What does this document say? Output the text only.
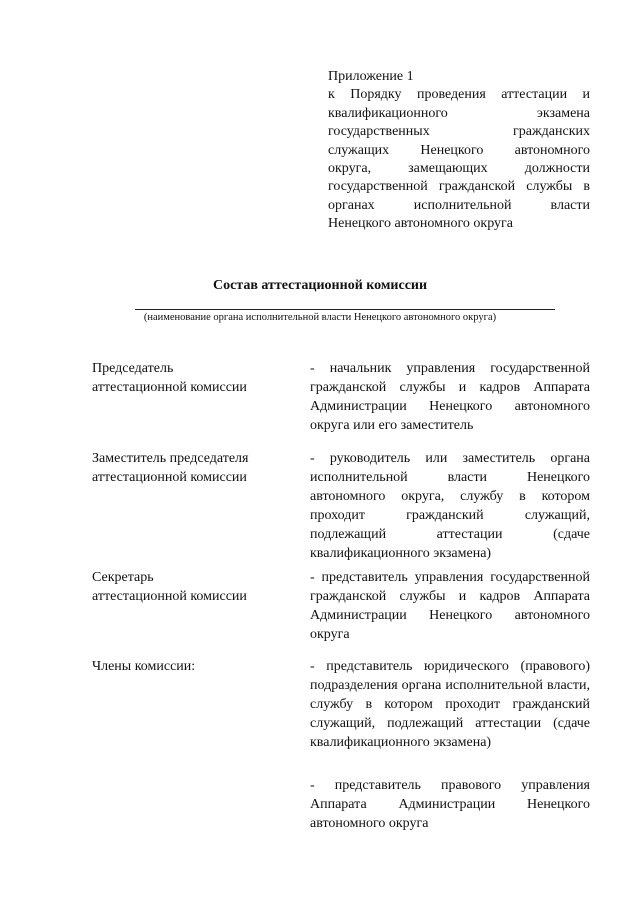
Приложение 1
к Порядку проведения аттестации и
квалификационного экзамена
государственных гражданских
служащих Ненецкого автономного
округа, замещающих должности
государственной гражданской службы в
органах исполнительной власти
Ненецкого автономного округа
Состав аттестационной комиссии
(наименование органа исполнительной власти Ненецкого автономного округа)
Председатель
аттестационной комиссии
- начальник управления государственной гражданской службы и кадров Аппарата Администрации Ненецкого автономного округа или его заместитель
Заместитель председателя
аттестационной комиссии
- руководитель или заместитель органа исполнительной власти Ненецкого автономного округа, службу в котором проходит гражданский служащий, подлежащий аттестации (сдаче квалификационного экзамена)
Секретарь
аттестационной комиссии
- представитель управления государственной гражданской службы и кадров Аппарата Администрации Ненецкого автономного округа
Члены комиссии:	- представитель юридического (правового) подразделения органа исполнительной власти, службу в котором проходит гражданский служащий, подлежащий аттестации (сдаче квалификационного экзамена)
- представитель правового управления Аппарата Администрации Ненецкого автономного округа
